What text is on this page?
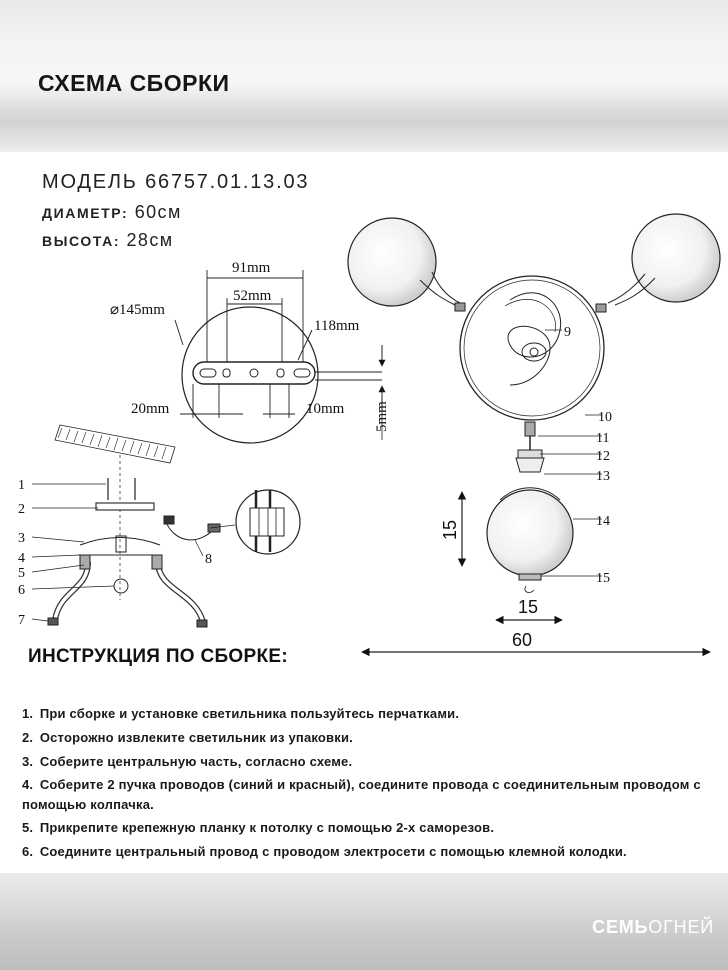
СХЕМА СБОРКИ
МОДЕЛЬ 66757.01.13.03
ДИАМЕТР: 60см
ВЫСОТА: 28см
91mm
52mm
⌀145mm
118mm
20mm	10mm 5mm
1
2
3
4
5
6
7
8
9
10
11
12
13
14
15
15
15
60
ИНСТРУКЦИЯ ПО СБОРКЕ:
1. При сборке и установке светильника пользуйтесь перчатками.
2. Осторожно извлеките светильник из упаковки.
3. Соберите центральную часть, согласно схеме.
4. Соберите 2 пучка проводов (синий и красный), соедините провода с соединительным проводом с помощью колпачка.
5. Прикрепите крепежную планку к потолку с помощью 2-х саморезов.
6. Соедините центральный провод с проводом электросети с помощью клемной колодки.
СЕМЬОГНЕЙ
